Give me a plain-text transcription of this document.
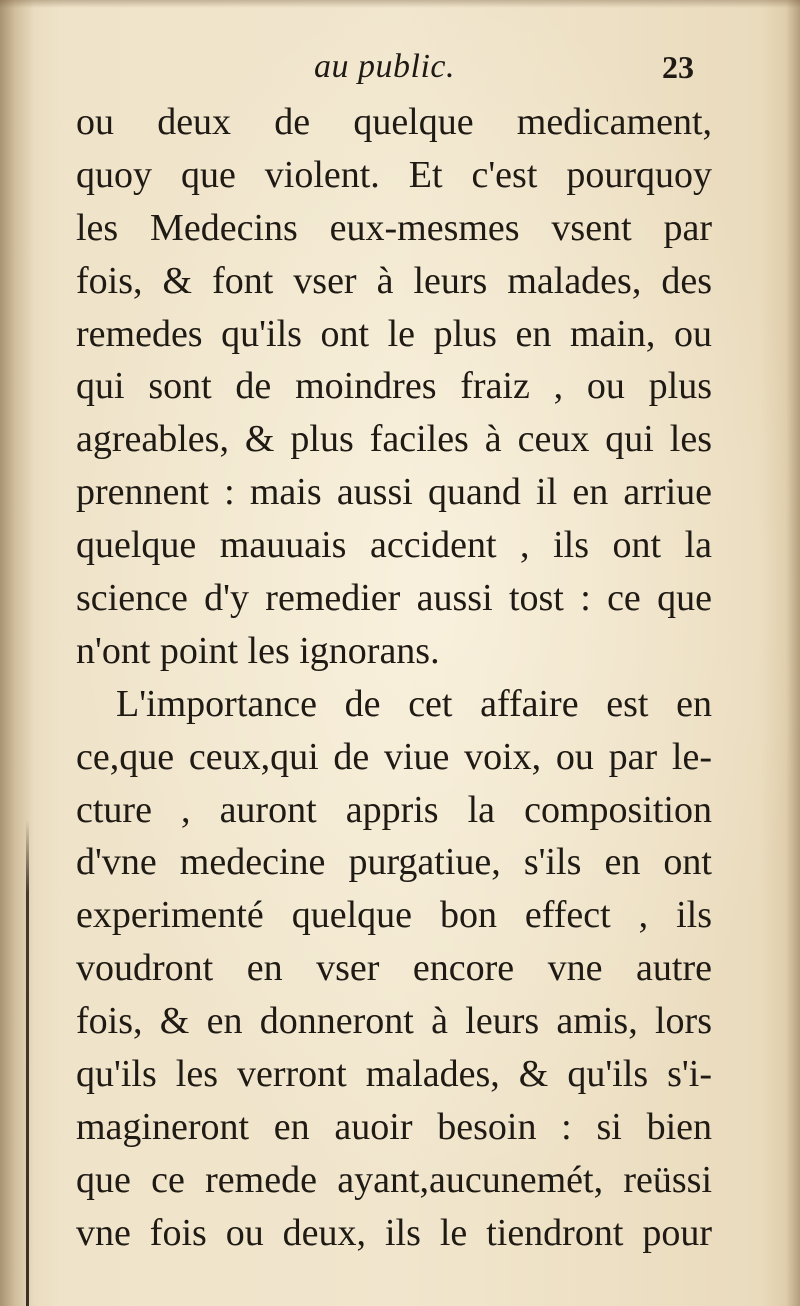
au public.	23
ou deux de quelque medicament,
quoy que violent. Et c'est pourquoy
les Medecins eux-mesmes vsent par
fois, & font vser à leurs malades, des
remedes qu'ils ont le plus en main, ou
qui sont de moindres fraiz , ou plus
agreables, & plus faciles à ceux qui les
prennent : mais aussi quand il en arriue
quelque mauuais accident , ils ont la
science d'y remedier aussi tost : ce que
n'ont point les ignorans.
L'importance de cet affaire est en
ce,que ceux,qui de viue voix, ou par le-
cture , auront appris la composition
d'vne medecine purgatiue, s'ils en ont
experimenté quelque bon effect , ils
voudront en vser encore vne autre
fois, & en donneront à leurs amis, lors
qu'ils les verront malades, & qu'ils s'i-
magineront en auoir besoin : si bien
que ce remede ayant,aucunemét, reüssi
vne fois ou deux, ils le tiendront pour
